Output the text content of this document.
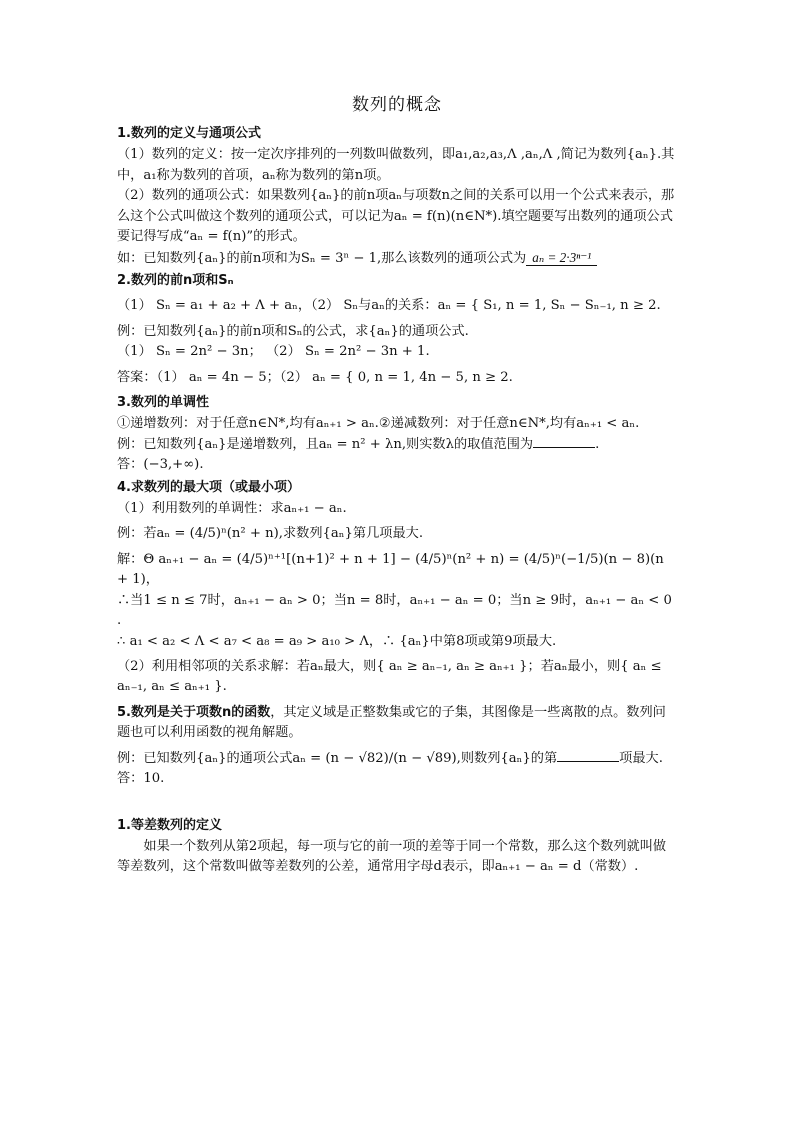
数列的概念
1.数列的定义与通项公式

（1）数列的定义：按一定次序排列的一列数叫做数列，即a₁,a₂,a₃,Λ ,aₙ,Λ ,简记为数列{aₙ}.其中，a₁称为数列的首项，aₙ称为数列的第n项。

（2）数列的通项公式：如果数列{aₙ}的前n项aₙ与项数n之间的关系可以用一个公式来表示，那么这个公式叫做这个数列的通项公式，可以记为aₙ = f(n)(n∈N*).填空题要写出数列的通项公式要记得写成“aₙ = f(n)”的形式。

如：已知数列{aₙ}的前n项和为Sₙ = 3ⁿ − 1,那么该数列的通项公式为 aₙ = 2·3ⁿ⁻¹

2.数列的前n项和Sₙ

（1） Sₙ = a₁ + a₂ + Λ + aₙ，（2） Sₙ与aₙ的关系：aₙ = { S₁, n = 1, Sₙ − Sₙ₋₁, n ≥ 2.

例：已知数列{aₙ}的前n项和Sₙ的公式，求{aₙ}的通项公式.

（1） Sₙ = 2n² − 3n； （2） Sₙ = 2n² − 3n + 1.

答案：（1） aₙ = 4n − 5；（2） aₙ = { 0, n = 1, 4n − 5, n ≥ 2.

3.数列的单调性

①递增数列：对于任意n∈N*,均有aₙ₊₁ > aₙ.②递减数列：对于任意n∈N*,均有aₙ₊₁ < aₙ.

例：已知数列{aₙ}是递增数列，且aₙ = n² + λn,则实数λ的取值范围为	.

答：(−3,+∞).

4.求数列的最大项（或最小项）

（1）利用数列的单调性：求aₙ₊₁ − aₙ.

例：若aₙ = (4/5)ⁿ(n² + n),求数列{aₙ}第几项最大.

解：Θ aₙ₊₁ − aₙ = (4/5)ⁿ⁺¹[(n+1)² + n + 1] − (4/5)ⁿ(n² + n) = (4/5)ⁿ(−1/5)(n − 8)(n + 1)，

∴当1 ≤ n ≤ 7时，aₙ₊₁ − aₙ > 0；当n = 8时，aₙ₊₁ − aₙ = 0；当n ≥ 9时，aₙ₊₁ − aₙ < 0 .

∴ a₁ < a₂ < Λ < a₇ < a₈ = a₉ > a₁₀ > Λ，∴ {aₙ}中第8项或第9项最大.

（2）利用相邻项的关系求解：若aₙ最大，则{ aₙ ≥ aₙ₋₁, aₙ ≥ aₙ₊₁ }；若aₙ最小，则{ aₙ ≤ aₙ₋₁, aₙ ≤ aₙ₊₁ }.

5.数列是关于项数n的函数，其定义域是正整数集或它的子集，其图像是一些离散的点。数列问题也可以利用函数的视角解题。

例：已知数列{aₙ}的通项公式aₙ = (n − √82)/(n − √89),则数列{aₙ}的第	项最大.答：10.

1.等差数列的定义

如果一个数列从第2项起，每一项与它的前一项的差等于同一个常数，那么这个数列就叫做等差数列，这个常数叫做等差数列的公差，通常用字母d表示，即aₙ₊₁ − aₙ = d（常数）.
